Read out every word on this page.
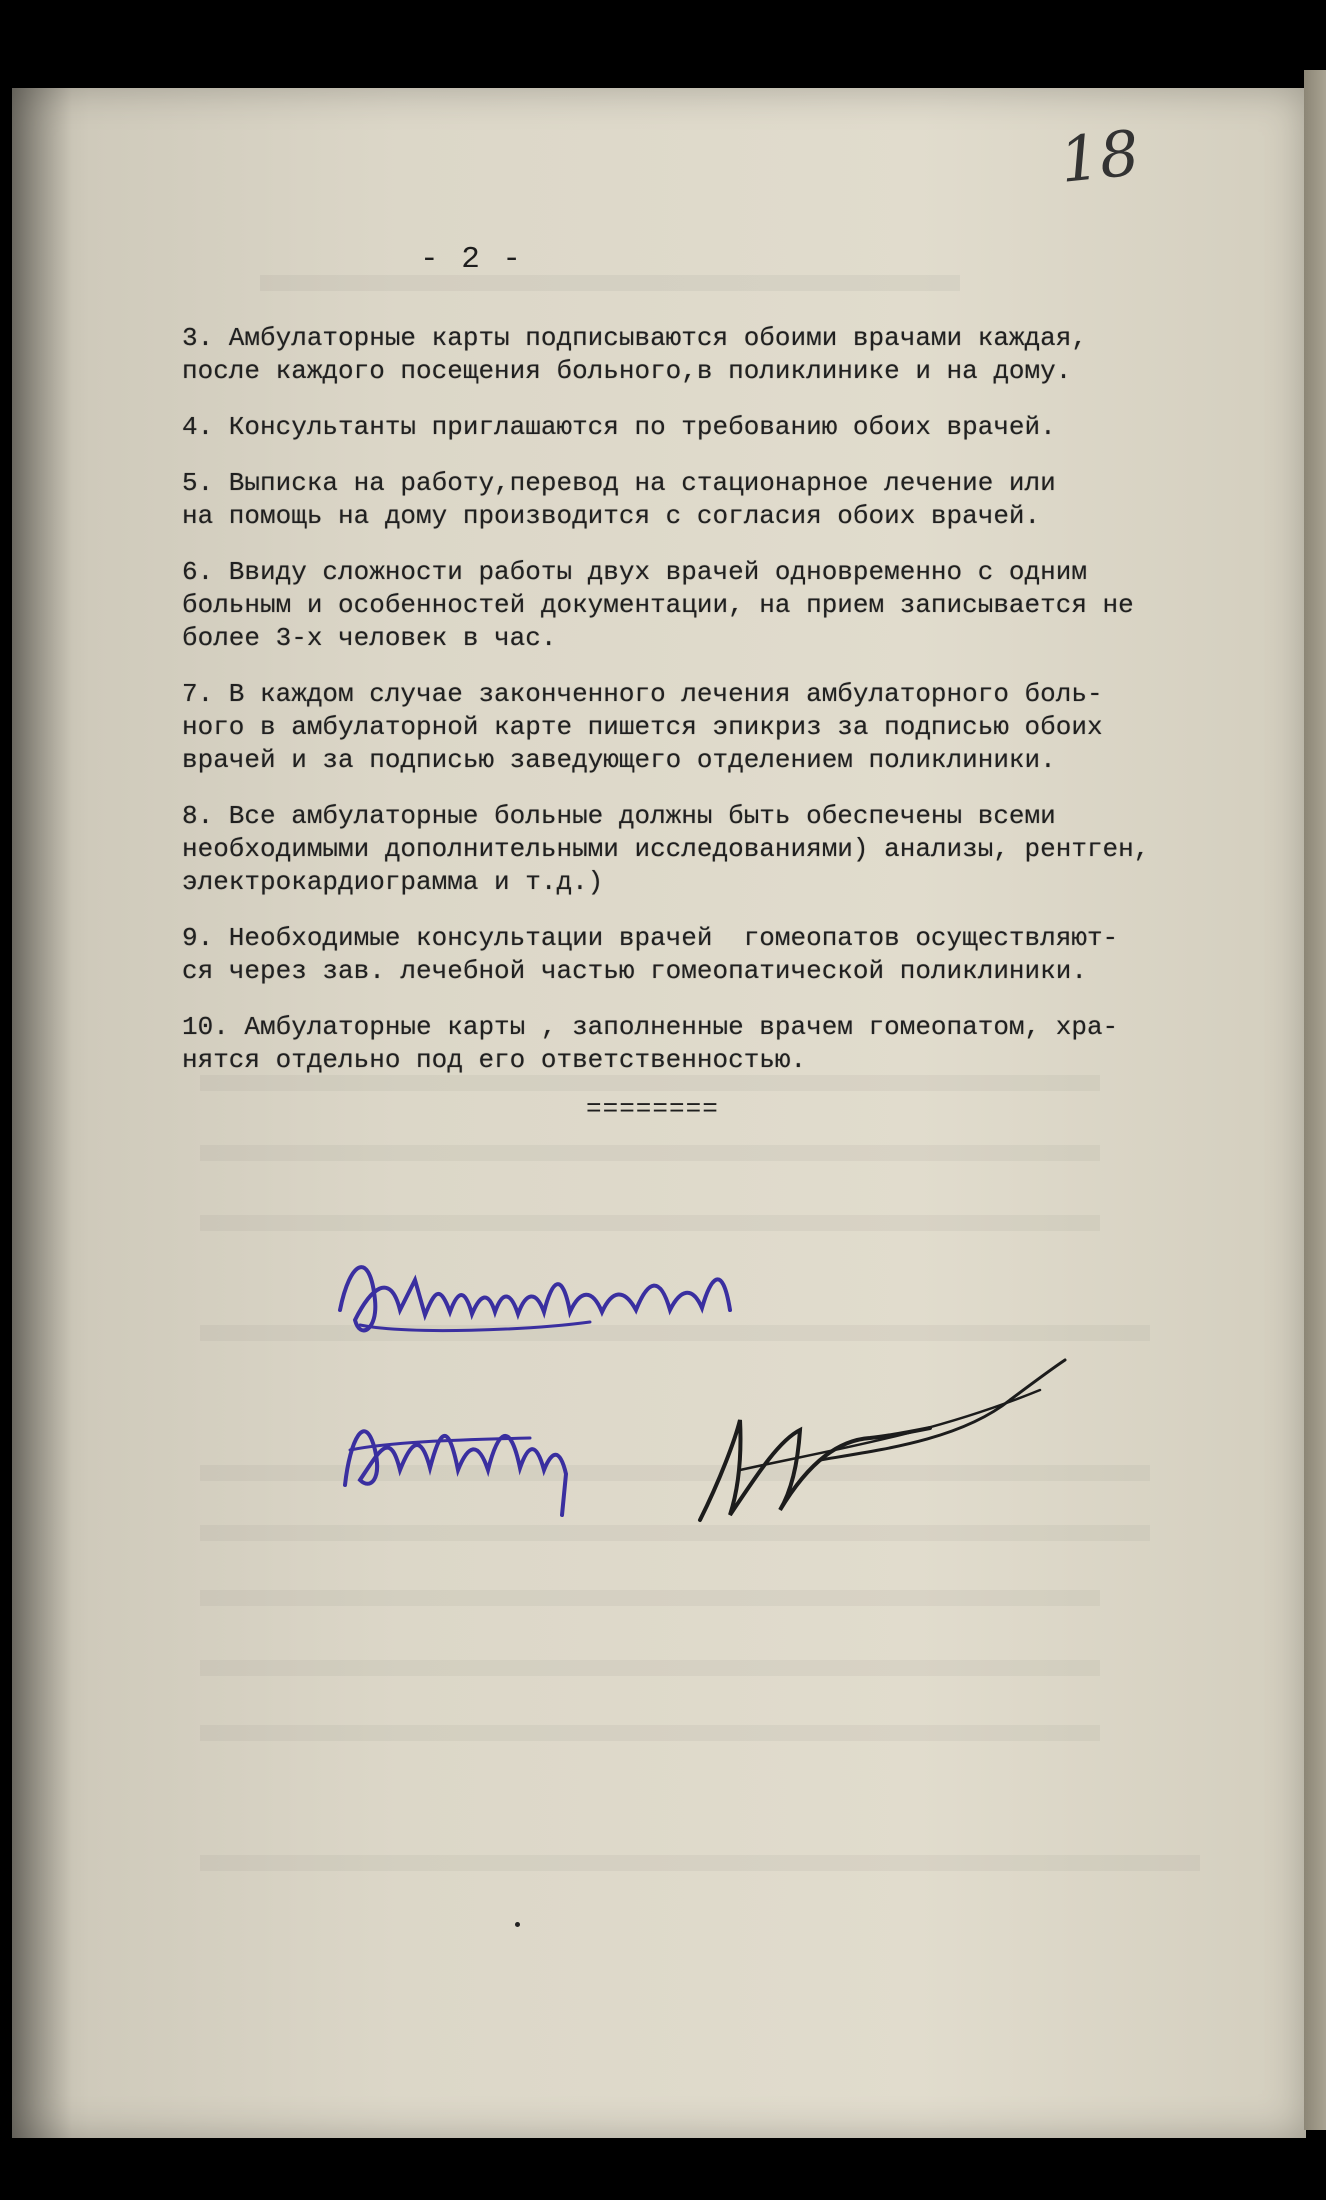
18
- 2 -

3. Амбулаторные карты подписываются обоими врачами каждая,
после каждого посещения больного,в поликлинике и на дому.

4. Консультанты приглашаются по требованию обоих врачей.

5. Выписка на работу,перевод на стационарное лечение или
на помощь на дому производится с согласия обоих врачей.

6. Ввиду сложности работы двух врачей одновременно с одним
больным и особенностей документации, на прием записывается не
более 3-х человек в час.

7. В каждом случае законченного лечения амбулаторного боль-
ного в амбулаторной карте пишется эпикриз за подписью обоих
врачей и за подписью заведующего отделением поликлиники.

8. Все амбулаторные больные должны быть обеспечены всеми
необходимыми дополнительными исследованиями) анализы, рентген,
электрокардиограмма и т.д.)

9. Необходимые консультации врачей  гомеопатов осуществляют-
ся через зав. лечебной частью гомеопатической поликлиники.

10. Амбулаторные карты , заполненные врачем гомеопатом, хра-
нятся отдельно под его ответственностью.

========
